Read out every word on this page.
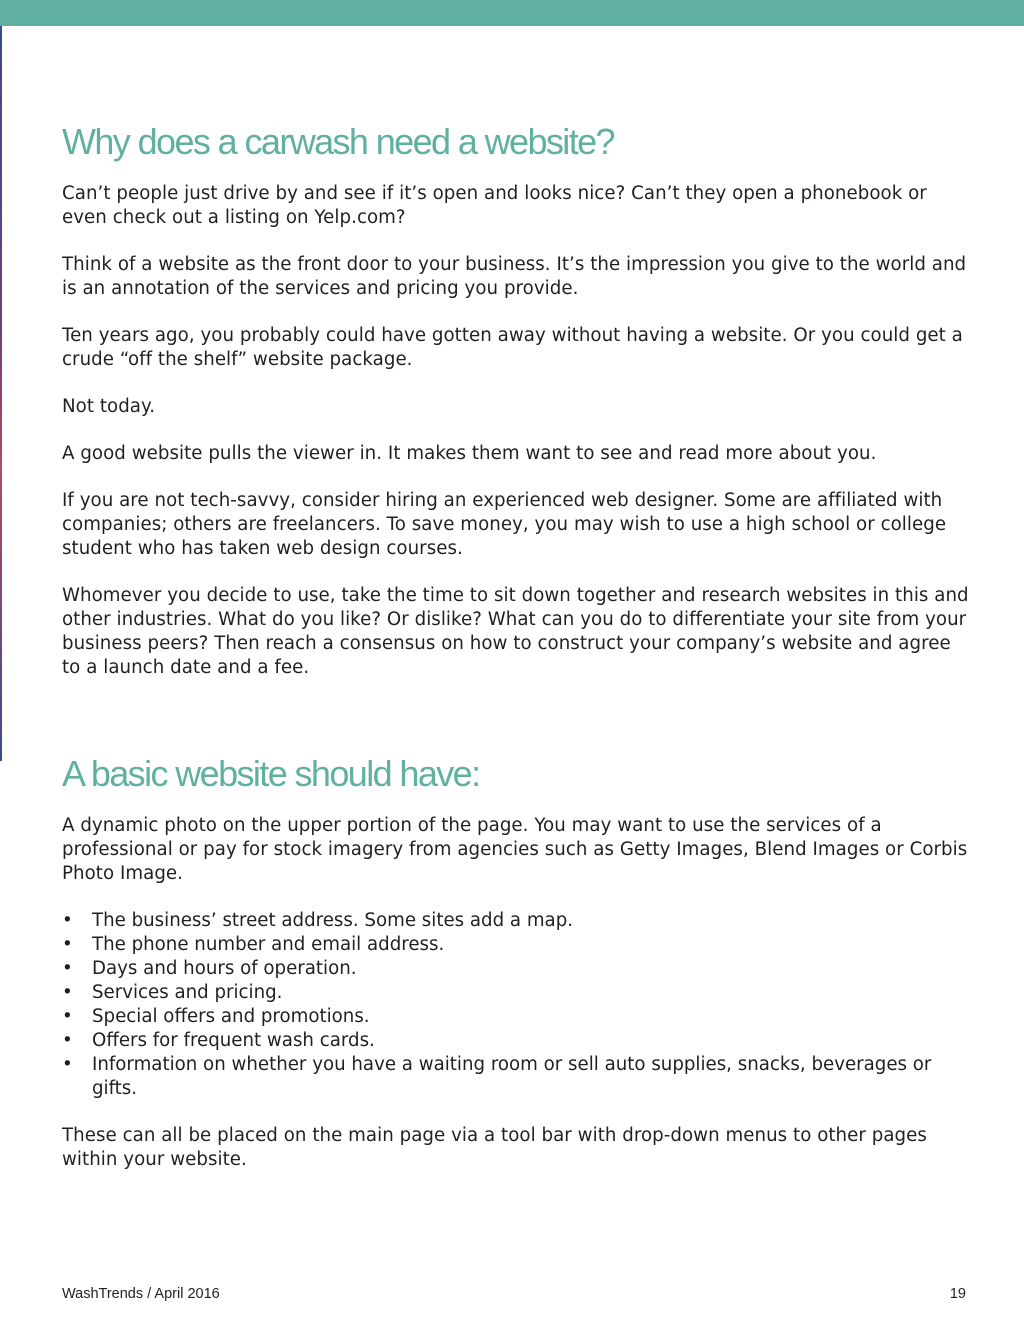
Why does a carwash need a website?

Can’t people just drive by and see if it’s open and looks nice? Can’t they open a phonebook or even check out a listing on Yelp.com?

Think of a website as the front door to your business. It’s the impression you give to the world and is an annotation of the services and pricing you provide.

Ten years ago, you probably could have gotten away without having a website. Or you could get a crude “off the shelf” website package.

Not today.

A good website pulls the viewer in. It makes them want to see and read more about you.

If you are not tech-savvy, consider hiring an experienced web designer. Some are affiliated with companies; others are freelancers. To save money, you may wish to use a high school or college student who has taken web design courses.

Whomever you decide to use, take the time to sit down together and research websites in this and other industries. What do you like? Or dislike? What can you do to differentiate your site from your business peers? Then reach a consensus on how to construct your company’s website and agree to a launch date and a fee.

A basic website should have:

A dynamic photo on the upper portion of the page. You may want to use the services of a professional or pay for stock imagery from agencies such as Getty Images, Blend Images or Corbis Photo Image.

• The business’ street address. Some sites add a map.
• The phone number and email address.
• Days and hours of operation.
• Services and pricing.
• Special offers and promotions.
• Offers for frequent wash cards.
• Information on whether you have a waiting room or sell auto supplies, snacks, beverages or gifts.

These can all be placed on the main page via a tool bar with drop-down menus to other pages within your website.

WashTrends / April 2016	19
